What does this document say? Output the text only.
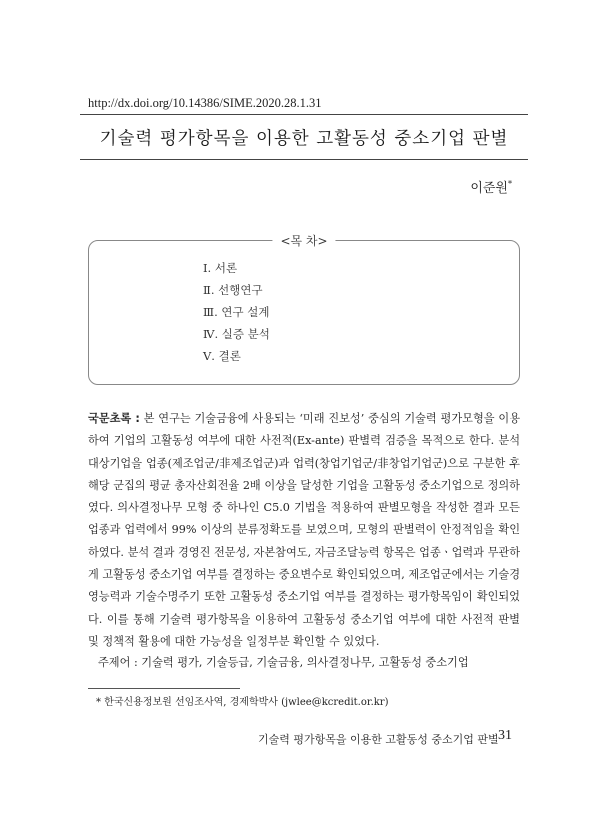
http://dx.doi.org/10.14386/SIME.2020.28.1.31
기술력 평가항목을 이용한 고활동성 중소기업 판별
이준원*
<목 차>
Ⅰ. 서론
Ⅱ. 선행연구
Ⅲ. 연구 설계
Ⅳ. 실증 분석
Ⅴ. 결론
국문초록 : 본 연구는 기술금융에 사용되는 ‘미래 진보성’ 중심의 기술력 평가모형을 이용하여 기업의 고활동성 여부에 대한 사전적(Ex-ante) 판별력 검증을 목적으로 한다. 분석 대상기업을 업종(제조업군/非제조업군)과 업력(창업기업군/非창업기업군)으로 구분한 후 해당 군집의 평균 총자산회전율 2배 이상을 달성한 기업을 고활동성 중소기업으로 정의하였다. 의사결정나무 모형 중 하나인 C5.0 기법을 적용하여 판별모형을 작성한 결과 모든 업종과 업력에서 99% 이상의 분류정확도를 보였으며, 모형의 판별력이 안정적임을 확인하였다. 분석 결과 경영진 전문성, 자본참여도, 자금조달능력 항목은 업종ㆍ업력과 무관하게 고활동성 중소기업 여부를 결정하는 중요변수로 확인되었으며, 제조업군에서는 기술경영능력과 기술수명주기 또한 고활동성 중소기업 여부를 결정하는 평가항목임이 확인되었다. 이를 통해 기술력 평가항목을 이용하여 고활동성 중소기업 여부에 대한 사전적 판별 및 정책적 활용에 대한 가능성을 일정부분 확인할 수 있었다.
주제어 : 기술력 평가, 기술등급, 기술금융, 의사결정나무, 고활동성 중소기업
* 한국신용정보원 선임조사역, 경제학박사 (jwlee@kcredit.or.kr)
기술력 평가항목을 이용한 고활동성 중소기업 판별 31
